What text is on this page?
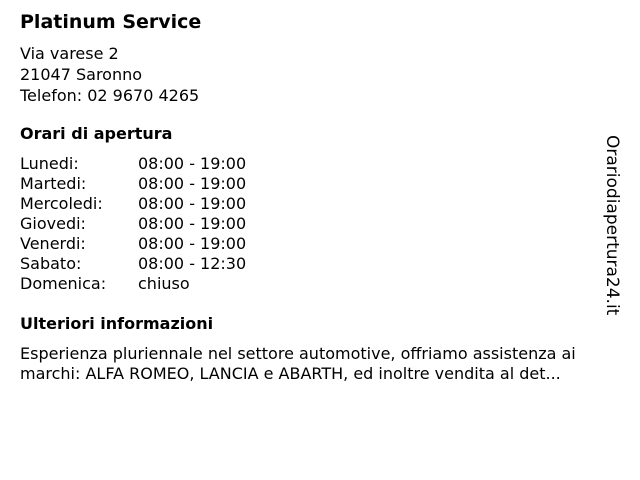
Platinum Service
Via varese 2
21047 Saronno
Telefon: 02 9670 4265
Orari di apertura
Lunedi:	08:00 - 19:00
Martedi:	08:00 - 19:00
Mercoledi: 08:00 - 19:00
Giovedi:	08:00 - 19:00
Venerdi:	08:00 - 19:00
Sabato:	08:00 - 12:30
Domenica: chiuso
Ulteriori informazioni
Esperienza pluriennale nel settore automotive, offriamo assistenza ai marchi: ALFA ROMEO, LANCIA e ABARTH, ed inoltre vendita al det...
Orariodiapertura24.it
